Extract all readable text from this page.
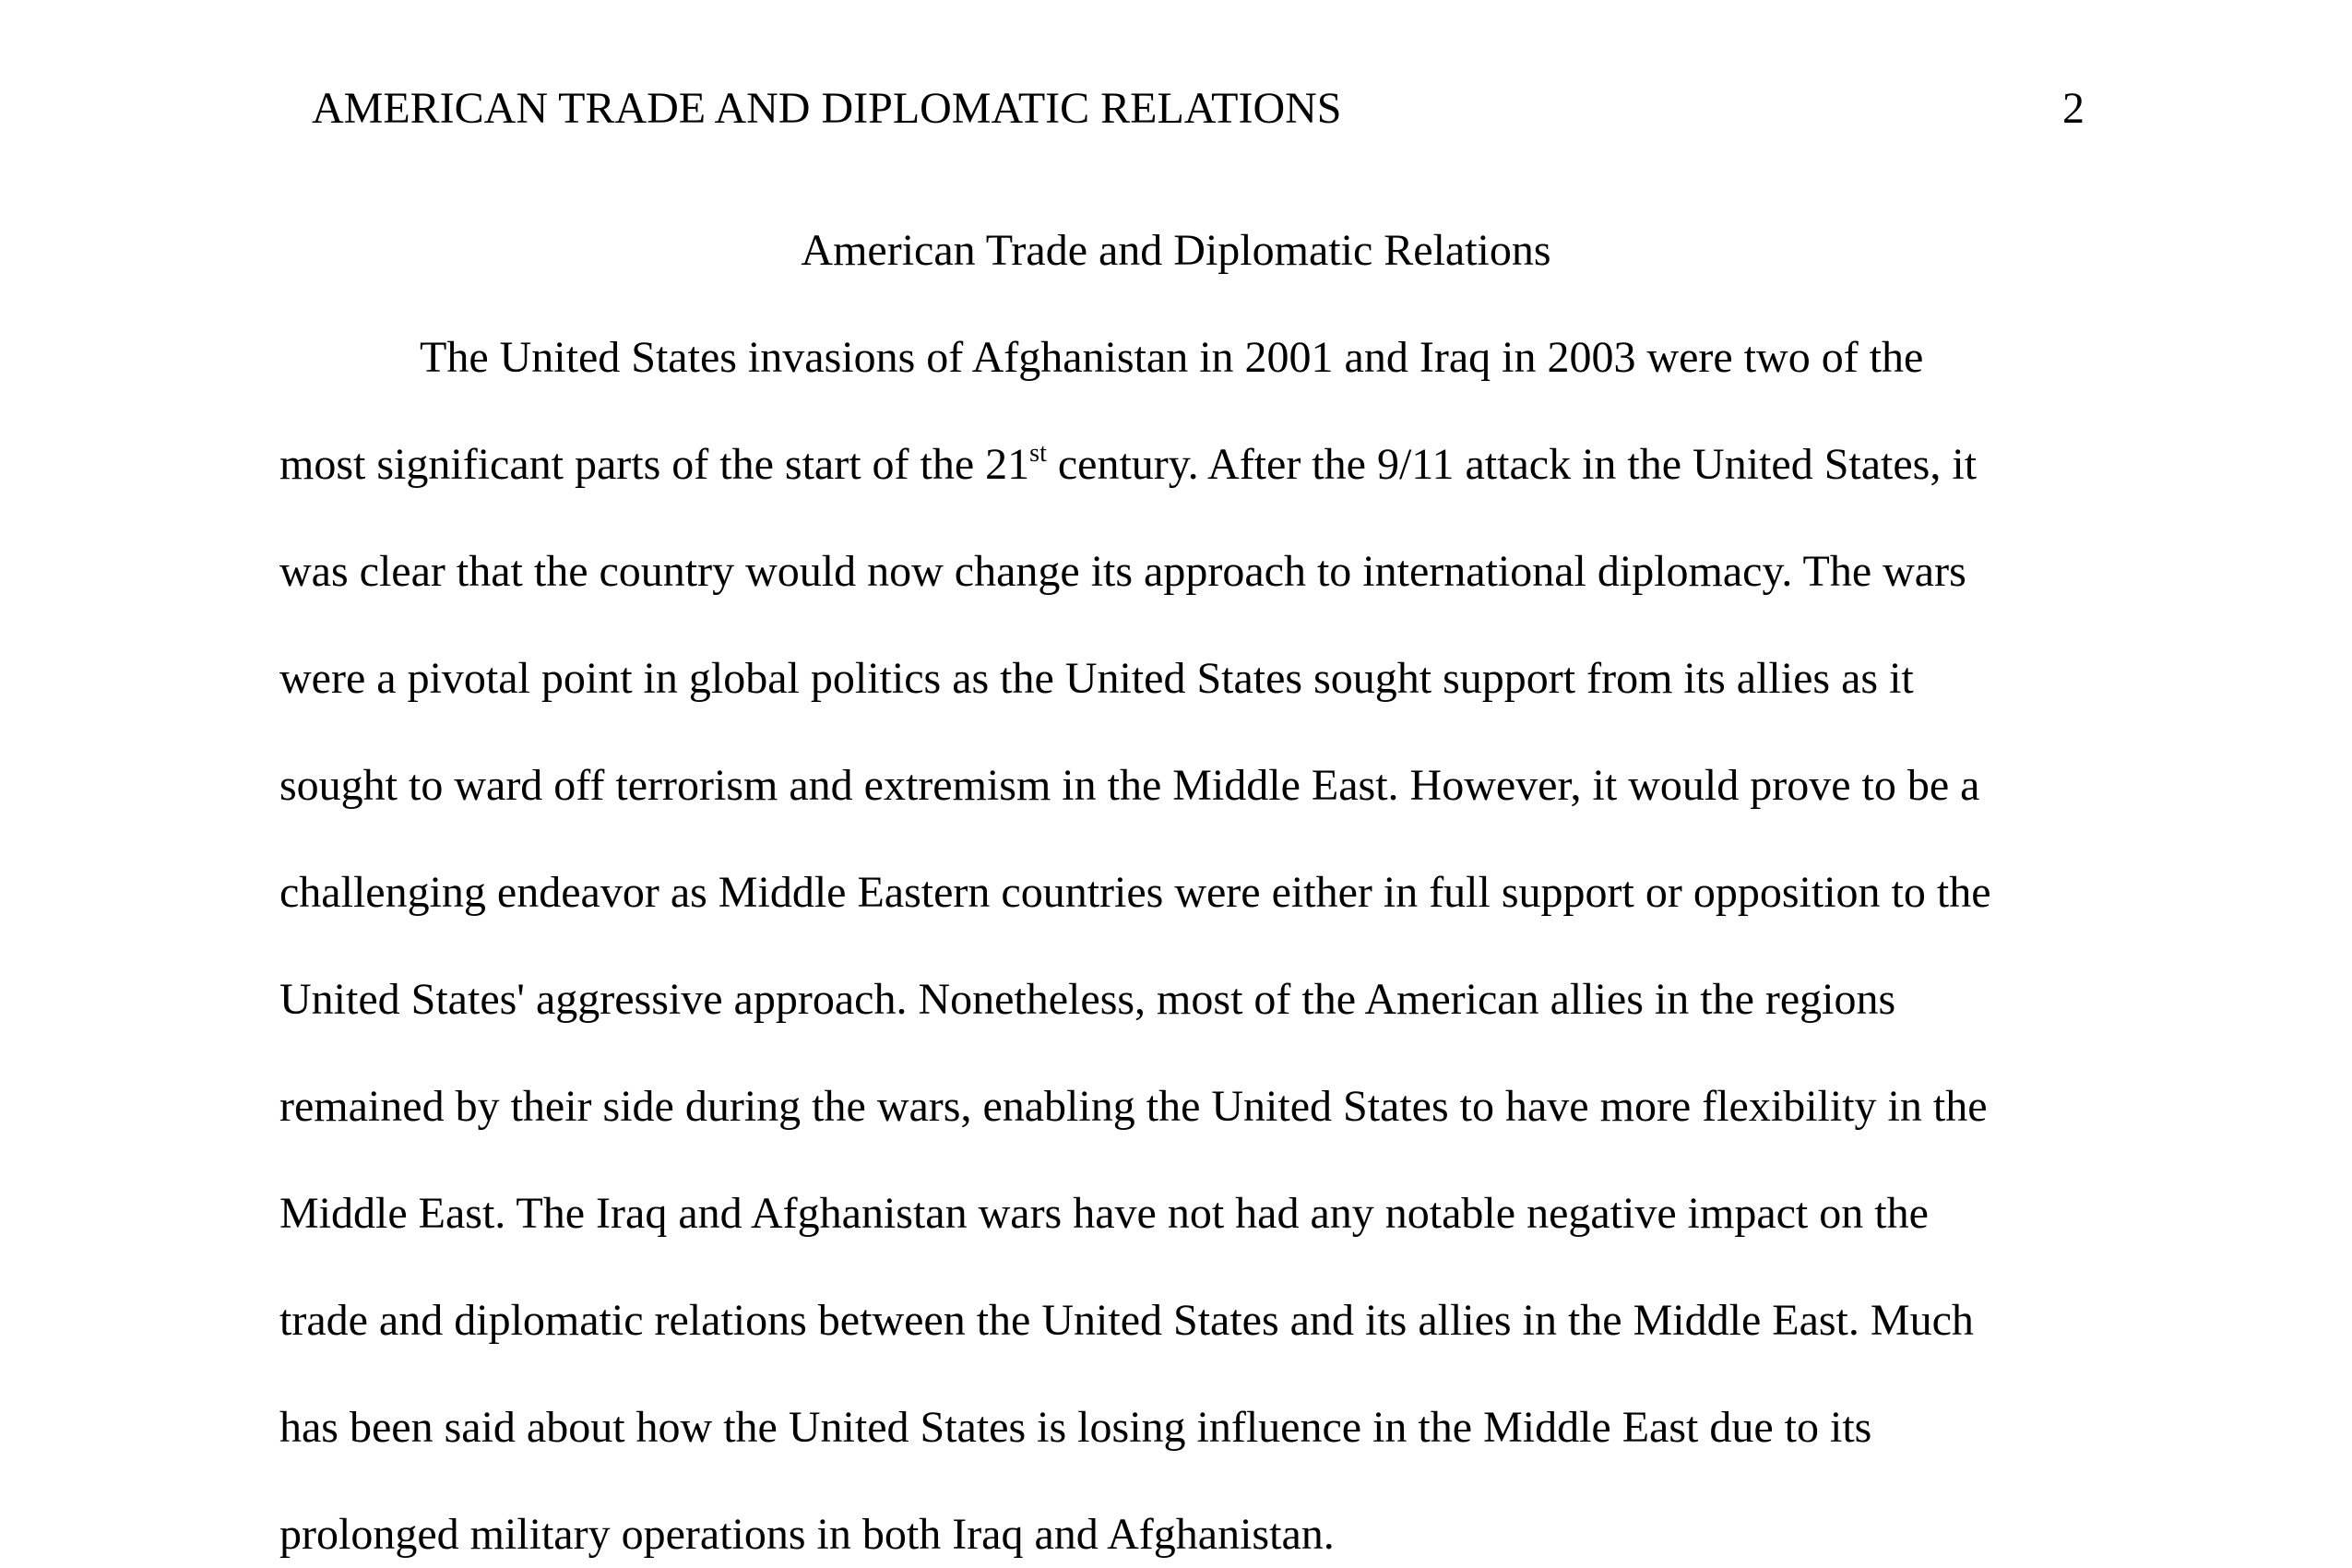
AMERICAN TRADE AND DIPLOMATIC RELATIONS	2
American Trade and Diplomatic Relations
The United States invasions of Afghanistan in 2001 and Iraq in 2003 were two of the
most significant parts of the start of the 21st century. After the 9/11 attack in the United States, it
was clear that the country would now change its approach to international diplomacy. The wars
were a pivotal point in global politics as the United States sought support from its allies as it
sought to ward off terrorism and extremism in the Middle East. However, it would prove to be a
challenging endeavor as Middle Eastern countries were either in full support or opposition to the
United States' aggressive approach. Nonetheless, most of the American allies in the regions
remained by their side during the wars, enabling the United States to have more flexibility in the
Middle East. The Iraq and Afghanistan wars have not had any notable negative impact on the
trade and diplomatic relations between the United States and its allies in the Middle East. Much
has been said about how the United States is losing influence in the Middle East due to its
prolonged military operations in both Iraq and Afghanistan.
